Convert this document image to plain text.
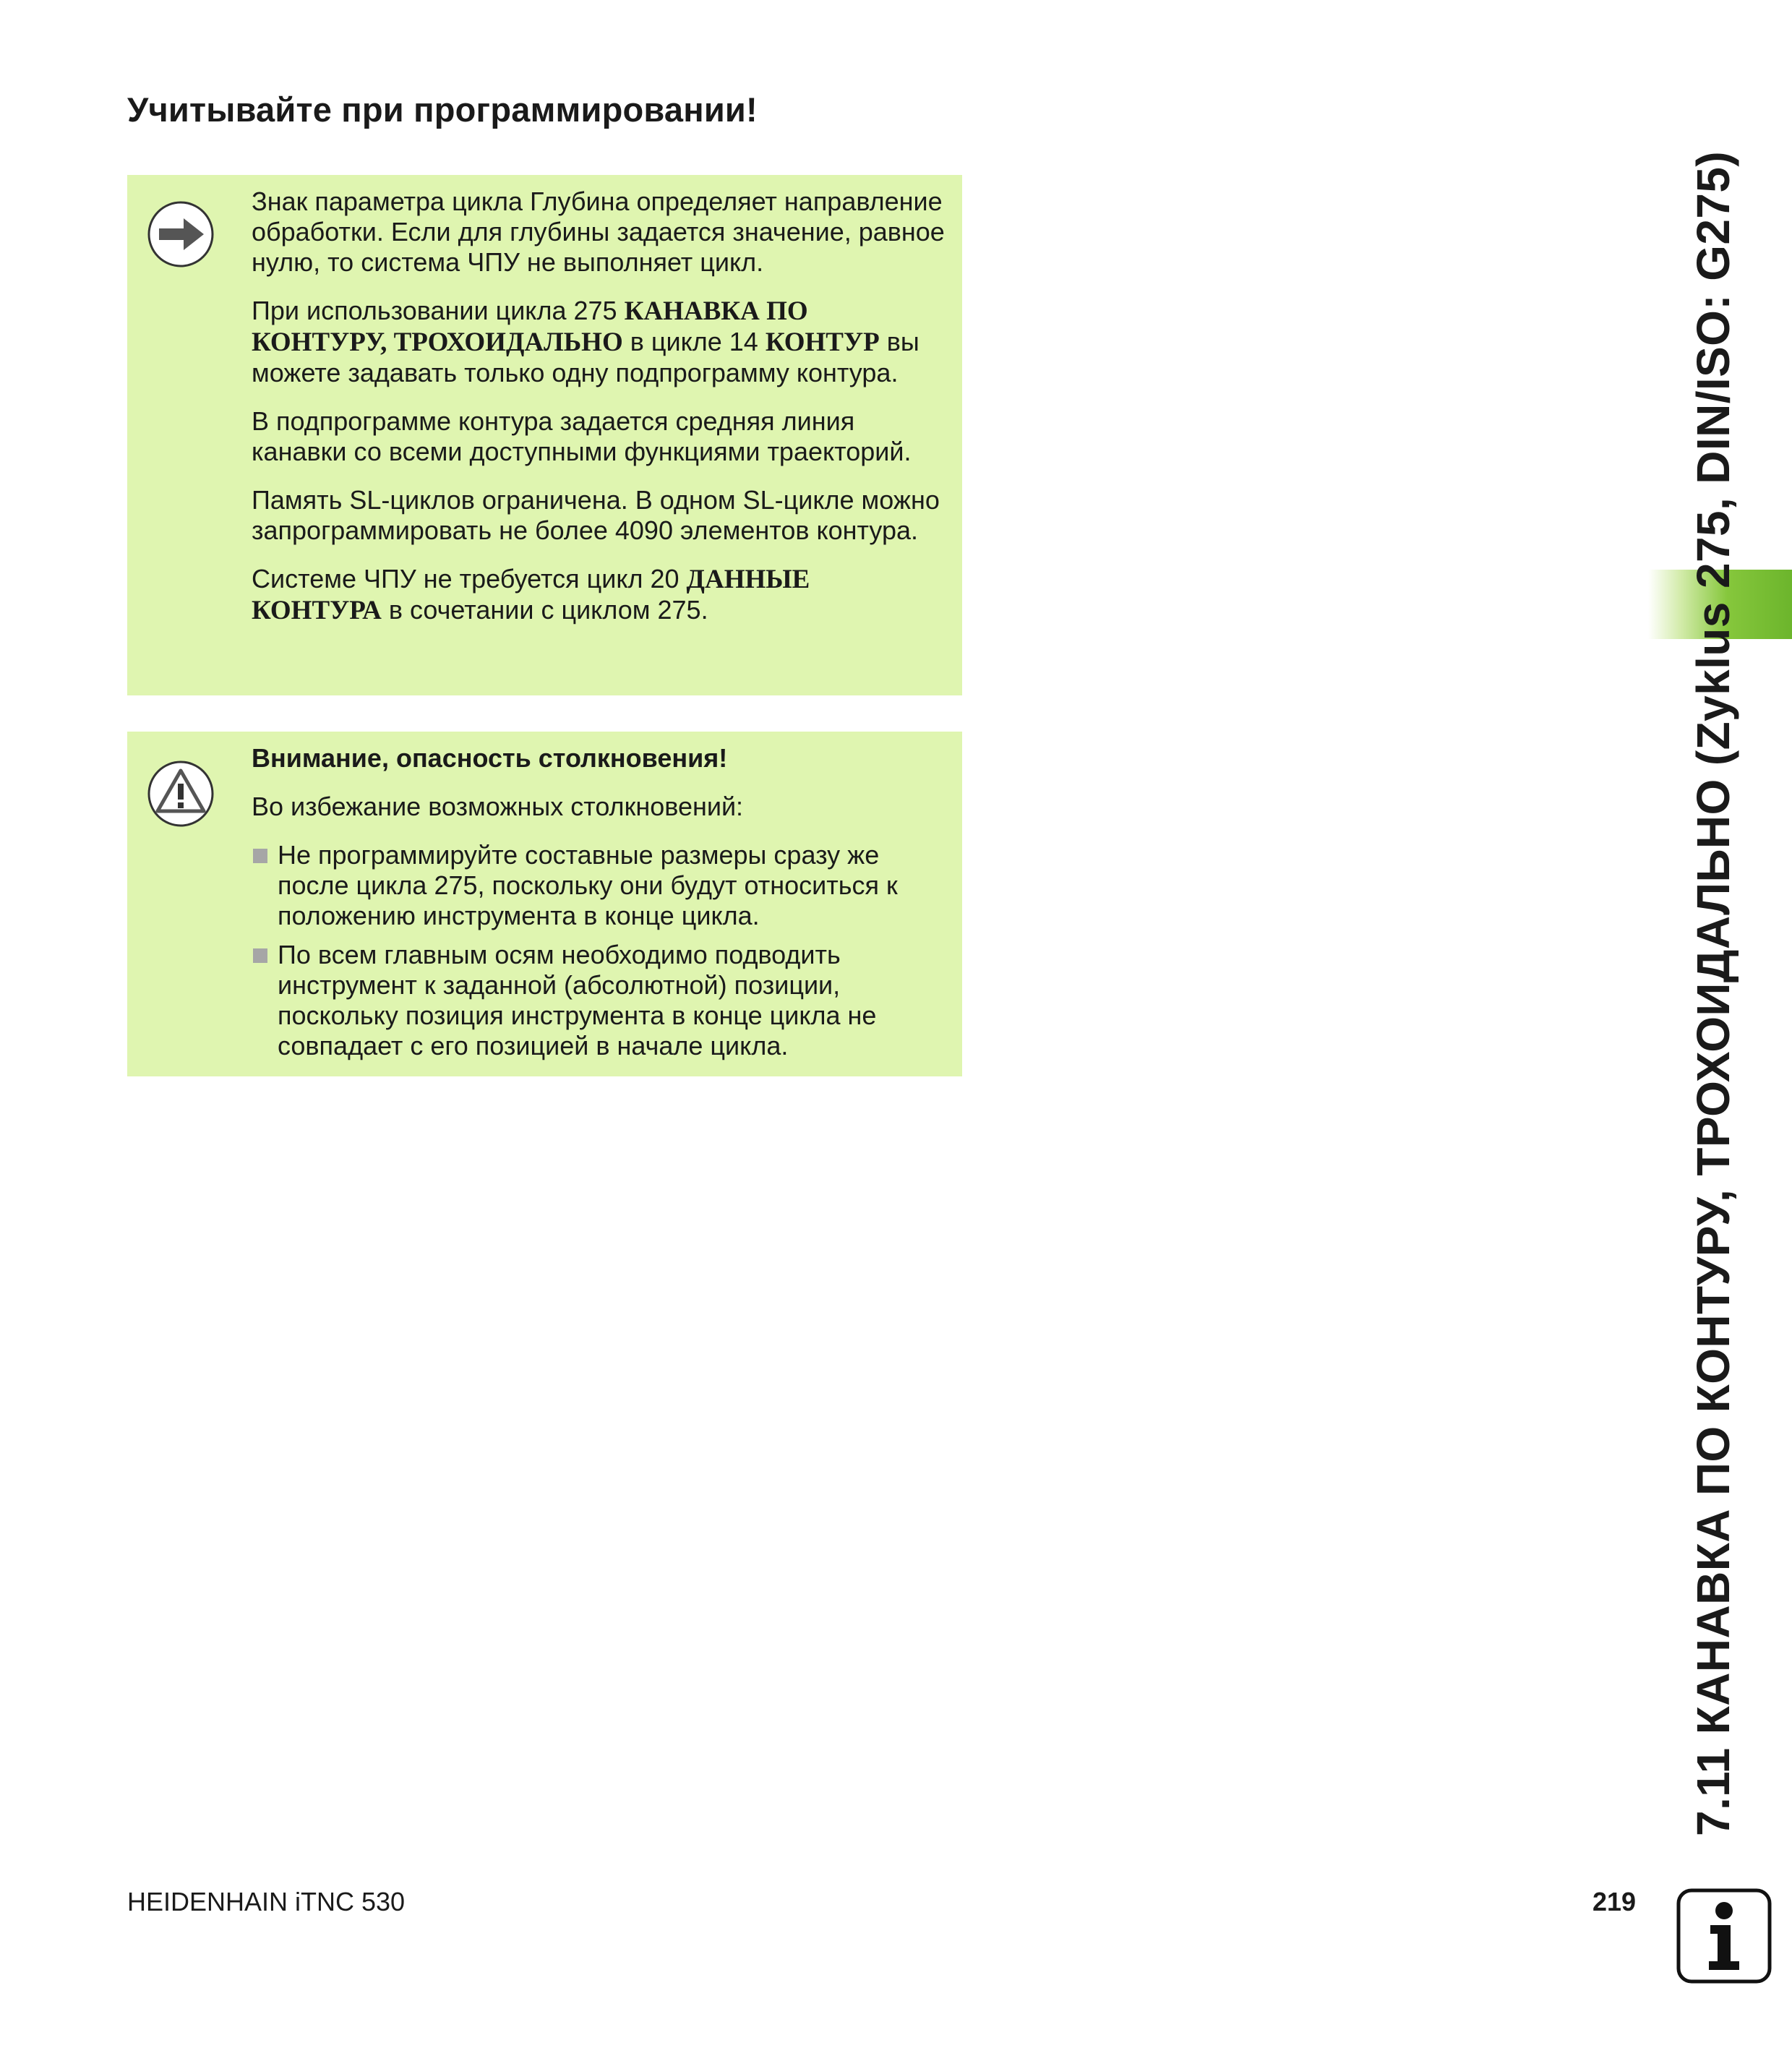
Учитывайте при программировании!

Знак параметра цикла Глубина определяет направление обработки. Если для глубины задается значение, равное нулю, то система ЧПУ не выполняет цикл.

При использовании цикла 275 КАНАВКА ПО КОНТУРУ, ТРОХОИДАЛЬНО в цикле 14 КОНТУР вы можете задавать только одну подпрограмму контура.

В подпрограмме контура задается средняя линия канавки со всеми доступными функциями траекторий.

Память SL-циклов ограничена. В одном SL-цикле можно запрограммировать не более 4090 элементов контура.

Системе ЧПУ не требуется цикл 20 ДАННЫЕ КОНТУРА в сочетании с циклом 275.

Внимание, опасность столкновения!

Во избежание возможных столкновений:

Не программируйте составные размеры сразу же после цикла 275, поскольку они будут относиться к положению инструмента в конце цикла.
По всем главным осям необходимо подводить инструмент к заданной (абсолютной) позиции, поскольку позиция инструмента в конце цикла не совпадает с его позицией в начале цикла.	7.11 КАНАВКА ПО КОНТУРУ, ТРОХОИДАЛЬНО (Zyklus 275, DIN/ISO: G275)
HEIDENHAIN iTNC 530	219
